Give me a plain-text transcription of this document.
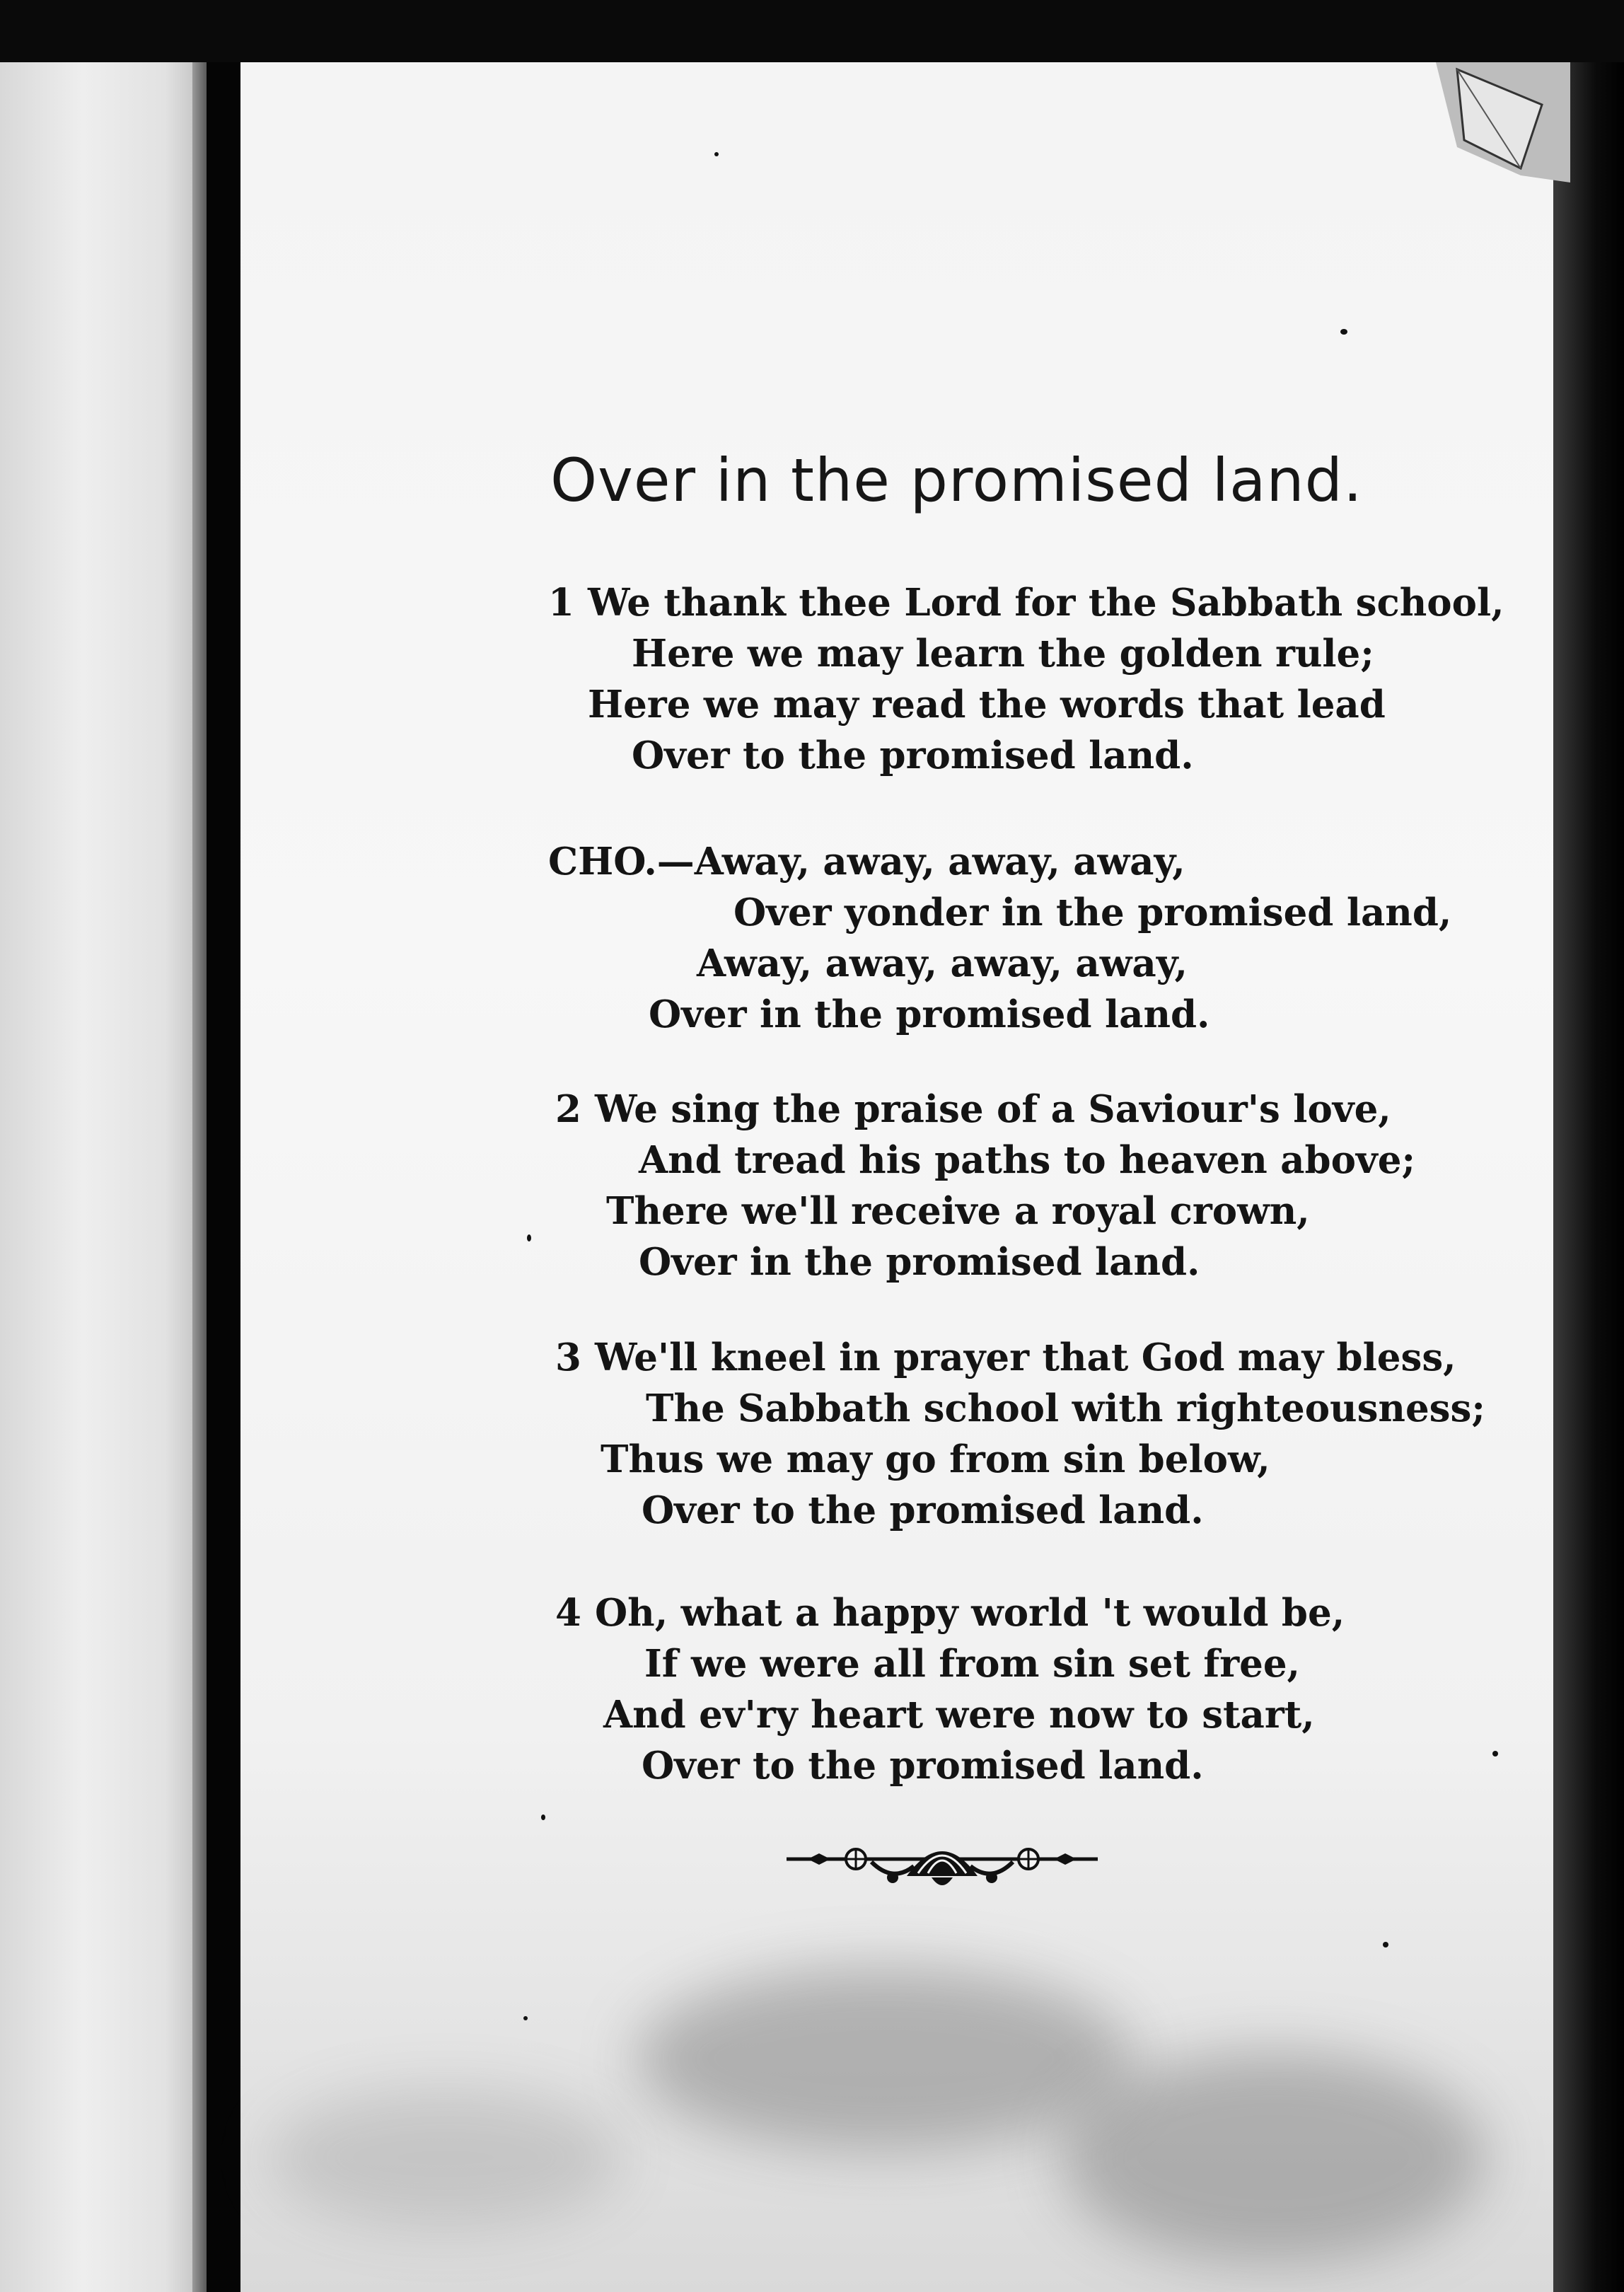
Over in the promised land.
1 We thank thee Lord for the Sabbath school,
Here we may learn the golden rule;
Here we may read the words that lead
Over to the promised land.
CHO.—Away, away, away, away,
Over yonder in the promised land,
Away, away, away, away,
Over in the promised land.
2 We sing the praise of a Saviour's love,
And tread his paths to heaven above;
There we'll receive a royal crown,
Over in the promised land.
3 We'll kneel in prayer that God may bless,
The Sabbath school with righteousness;
Thus we may go from sin below,
Over to the promised land.
4 Oh, what a happy world 't would be,
If we were all from sin set free,
And ev'ry heart were now to start,
Over to the promised land.
